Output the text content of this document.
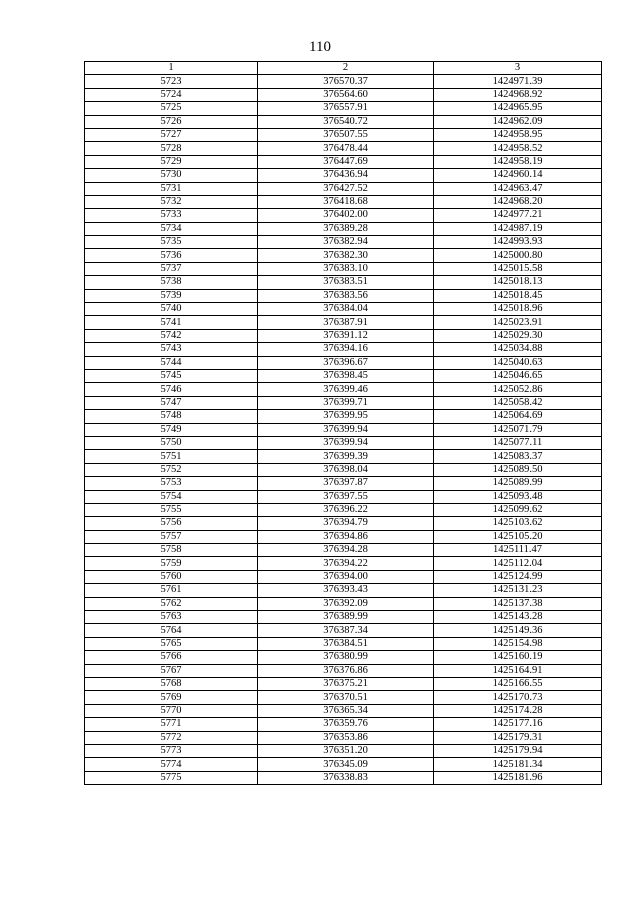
110
1	2	3
5723	376570.37	1424971.39
5724	376564.60	1424968.92
5725	376557.91	1424965.95
5726	376540.72	1424962.09
5727	376507.55	1424958.95
5728	376478.44	1424958.52
5729	376447.69	1424958.19
5730	376436.94	1424960.14
5731	376427.52	1424963.47
5732	376418.68	1424968.20
5733	376402.00	1424977.21
5734	376389.28	1424987.19
5735	376382.94	1424993.93
5736	376382.30	1425000.80
5737	376383.10	1425015.58
5738	376383.51	1425018.13
5739	376383.56	1425018.45
5740	376384.04	1425018.96
5741	376387.91	1425023.91
5742	376391.12	1425029.30
5743	376394.16	1425034.88
5744	376396.67	1425040.63
5745	376398.45	1425046.65
5746	376399.46	1425052.86
5747	376399.71	1425058.42
5748	376399.95	1425064.69
5749	376399.94	1425071.79
5750	376399.94	1425077.11
5751	376399.39	1425083.37
5752	376398.04	1425089.50
5753	376397.87	1425089.99
5754	376397.55	1425093.48
5755	376396.22	1425099.62
5756	376394.79	1425103.62
5757	376394.86	1425105.20
5758	376394.28	1425111.47
5759	376394.22	1425112.04
5760	376394.00	1425124.99
5761	376393.43	1425131.23
5762	376392.09	1425137.38
5763	376389.99	1425143.28
5764	376387.34	1425149.36
5765	376384.51	1425154.98
5766	376380.99	1425160.19
5767	376376.86	1425164.91
5768	376375.21	1425166.55
5769	376370.51	1425170.73
5770	376365.34	1425174.28
5771	376359.76	1425177.16
5772	376353.86	1425179.31
5773	376351.20	1425179.94
5774	376345.09	1425181.34
5775	376338.83	1425181.96
